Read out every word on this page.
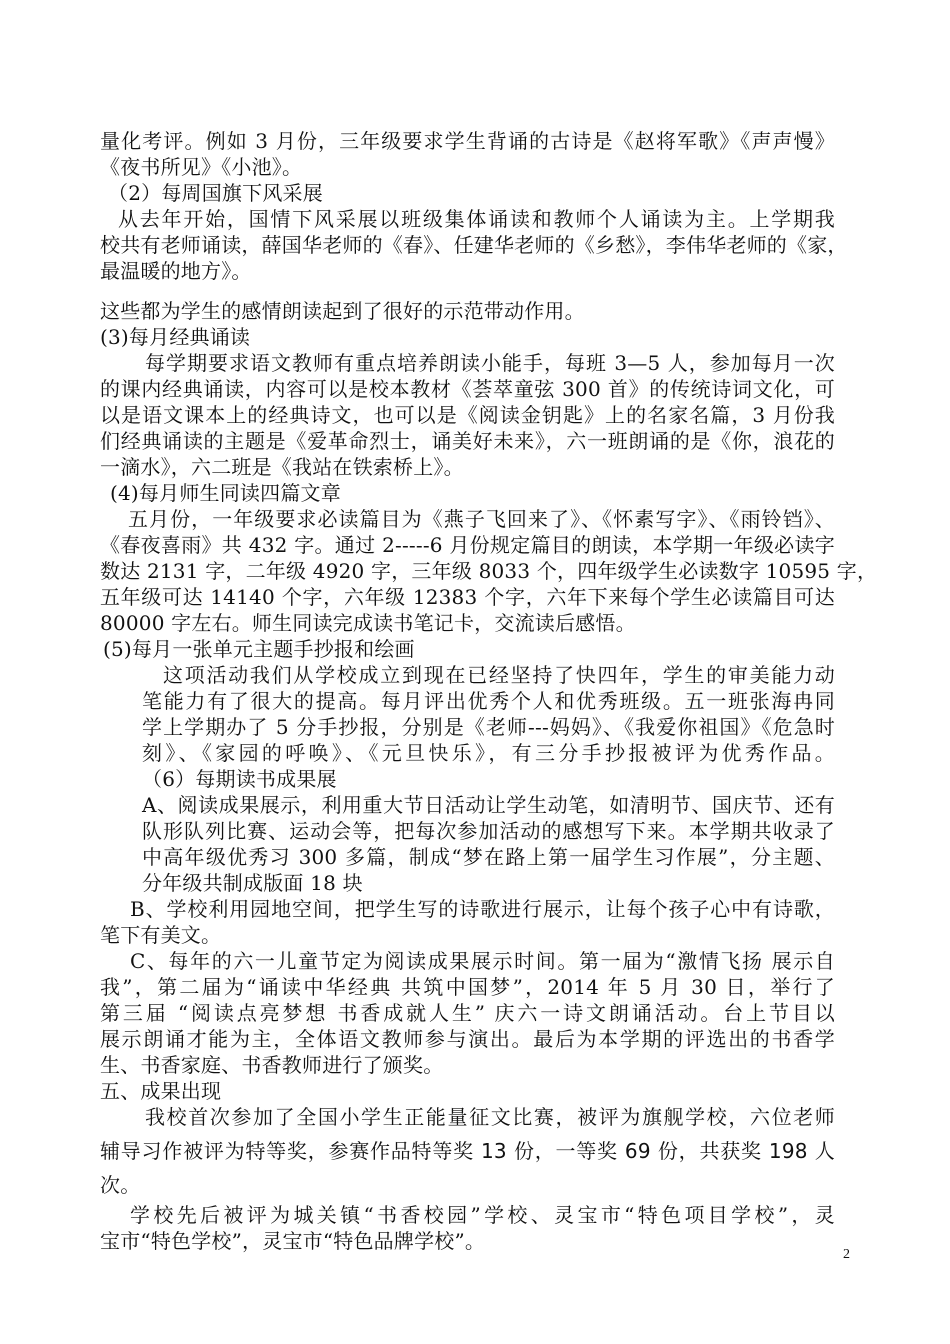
量化考评。例如 3 月份，三年级要求学生背诵的古诗是《赵将军歌》《声声慢》
《夜书所见》《小池》。
（2）每周国旗下风采展
从去年开始，国情下风采展以班级集体诵读和教师个人诵读为主。上学期我
校共有老师诵读，薛国华老师的《春》、任建华老师的《乡愁》，李伟华老师的《家，
最温暖的地方》。
这些都为学生的感情朗读起到了很好的示范带动作用。
(3)每月经典诵读
每学期要求语文教师有重点培养朗读小能手，每班 3—5 人，参加每月一次
的课内经典诵读，内容可以是校本教材《荟萃童弦 300 首》的传统诗词文化，可
以是语文课本上的经典诗文，也可以是《阅读金钥匙》上的名家名篇，3 月份我
们经典诵读的主题是《爱革命烈士，诵美好未来》，六一班朗诵的是《你，浪花的
一滴水》，六二班是《我站在铁索桥上》。
(4)每月师生同读四篇文章
五月份，一年级要求必读篇目为《燕子飞回来了》、《怀素写字》、《雨铃铛》、
《春夜喜雨》共 432 字。通过 2-----6 月份规定篇目的朗读，本学期一年级必读字
数达 2131 字，二年级 4920 字，三年级 8033 个，四年级学生必读数字 10595 字，
五年级可达 14140 个字，六年级 12383 个字，六年下来每个学生必读篇目可达
80000 字左右。师生同读完成读书笔记卡，交流读后感悟。
(5)每月一张单元主题手抄报和绘画
这项活动我们从学校成立到现在已经坚持了快四年，学生的审美能力动
笔能力有了很大的提高。每月评出优秀个人和优秀班级。五一班张海冉同
学上学期办了 5 分手抄报，分别是《老师---妈妈》、《我爱你祖国》《危急时
刻》、《家园的呼唤》、《元旦快乐》，有三分手抄报被评为优秀作品。
（6）每期读书成果展
A、阅读成果展示，利用重大节日活动让学生动笔，如清明节、国庆节、还有
队形队列比赛、运动会等，把每次参加活动的感想写下来。本学期共收录了
中高年级优秀习 300 多篇，制成“梦在路上第一届学生习作展”，分主题、
分年级共制成版面 18 块
B、学校利用园地空间，把学生写的诗歌进行展示，让每个孩子心中有诗歌，
笔下有美文。
C、每年的六一儿童节定为阅读成果展示时间。第一届为“激情飞扬 展示自
我”，第二届为“诵读中华经典 共筑中国梦”，2014 年 5 月 30 日，举行了
第三届 “阅读点亮梦想 书香成就人生” 庆六一诗文朗诵活动。台上节目以
展示朗诵才能为主，全体语文教师参与演出。最后为本学期的评选出的书香学
生、书香家庭、书香教师进行了颁奖。
五、成果出现
我校首次参加了全国小学生正能量征文比赛，被评为旗舰学校，六位老师
辅导习作被评为特等奖，参赛作品特等奖 13 份，一等奖 69 份，共获奖 198 人
次。
学校先后被评为城关镇“书香校园”学校、灵宝市“特色项目学校”，灵
宝市“特色学校”，灵宝市“特色品牌学校”。
2
